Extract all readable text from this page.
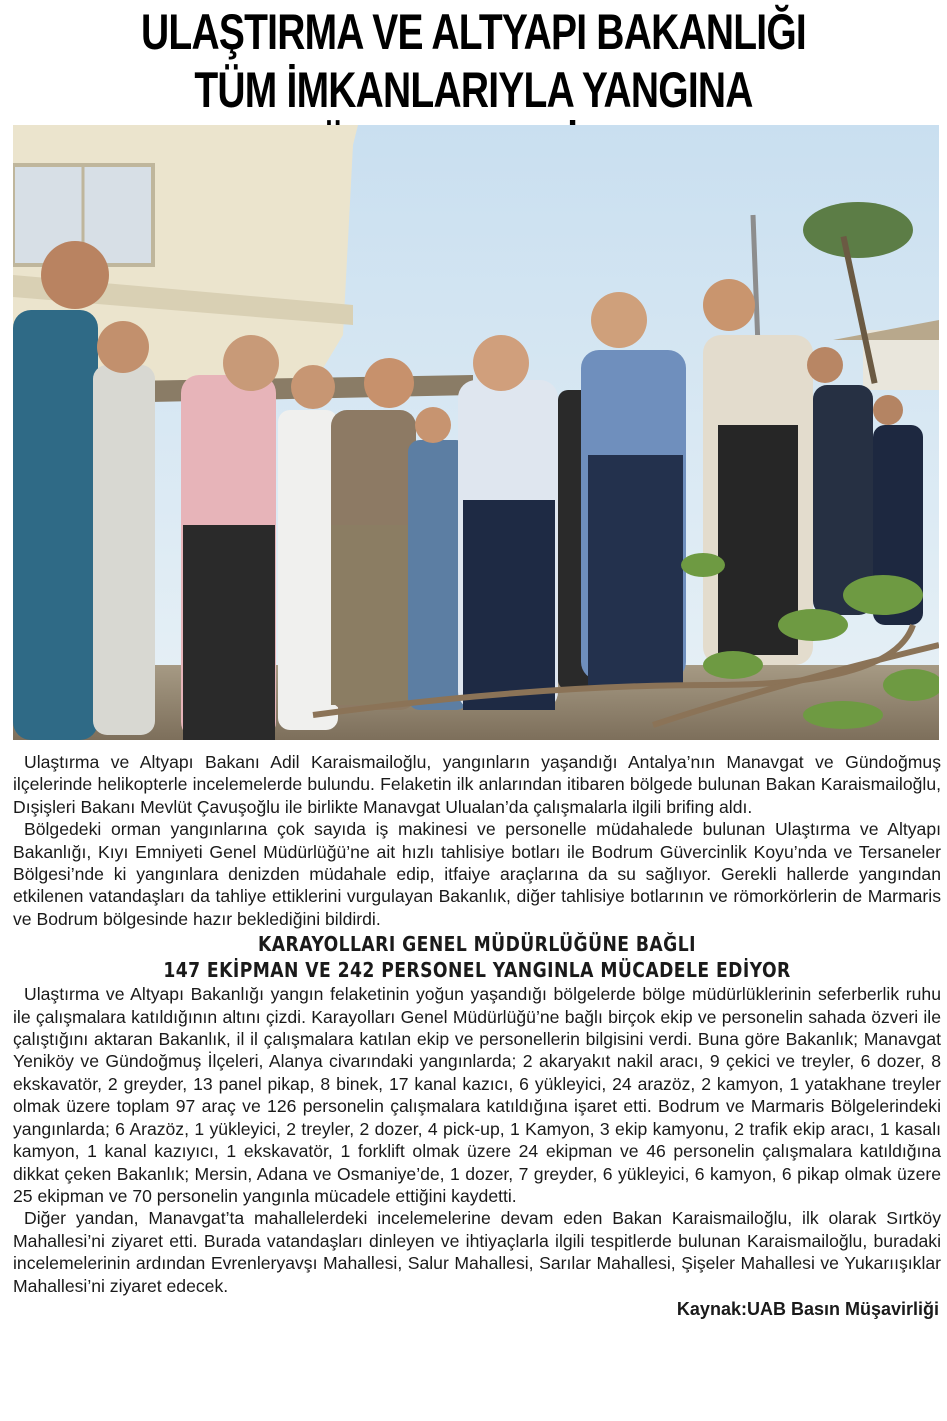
ULAŞTIRMA VE ALTYAPI BAKANLIĞI
TÜM İMKANLARIYLA YANGINA

Ulaştırma ve Altyapı Bakanı Adil Karaismailoğlu, yangınların yaşandığı Antalya’nın Manavgat ve Gündoğmuş ilçelerinde helikopterle incelemelerde bulundu. Felaketin ilk anlarından itibaren bölgede bulunan Bakan Karaismailoğlu, Dışişleri Bakanı Mevlüt Çavuşoğlu ile birlikte Manavgat Ulualan’da çalışmalarla ilgili brifing aldı.

Bölgedeki orman yangınlarına çok sayıda iş makinesi ve personelle müdahalede bulunan Ulaştırma ve Altyapı Bakanlığı, Kıyı Emniyeti Genel Müdürlüğü’ne ait hızlı tahlisiye botları ile Bodrum Güvercinlik Koyu’nda ve Tersaneler Bölgesi’nde ki yangınlara denizden müdahale edip, itfaiye araçlarına da su sağlıyor. Gerekli hallerde yangından etkilenen vatandaşları da tahliye ettiklerini vurgulayan Bakanlık, diğer tahlisiye botlarının ve römorkörlerin de Marmaris ve Bodrum bölgesinde hazır beklediğini bildirdi.

KARAYOLLARI GENEL MÜDÜRLÜĞÜNE BAĞLI
147 EKİPMAN VE 242 PERSONEL YANGINLA MÜCADELE EDİYOR

Ulaştırma ve Altyapı Bakanlığı yangın felaketinin yoğun yaşandığı bölgelerde bölge müdürlüklerinin seferberlik ruhu ile çalışmalara katıldığının altını çizdi. Karayolları Genel Müdürlüğü’ne bağlı birçok ekip ve personelin sahada özveri ile çalıştığını aktaran Bakanlık, il il çalışmalara katılan ekip ve personellerin bilgisini verdi. Buna göre Bakanlık; Manavgat Yeniköy ve Gündoğmuş İlçeleri, Alanya civarındaki yangınlarda; 2 akaryakıt nakil aracı, 9 çekici ve treyler, 6 dozer, 8 ekskavatör, 2 greyder, 13 panel pikap, 8 binek, 17 kanal kazıcı, 6 yükleyici, 24 arazöz, 2 kamyon, 1 yatakhane treyler olmak üzere toplam 97 araç ve 126 personelin çalışmalara katıldığına işaret etti. Bodrum ve Marmaris Bölgelerindeki yangınlarda; 6 Arazöz, 1 yükleyici, 2 treyler, 2 dozer, 4 pick-up, 1 Kamyon, 3 ekip kamyonu, 2 trafik ekip aracı, 1 kasalı kamyon, 1 kanal kazıyıcı, 1 ekskavatör, 1 forklift olmak üzere 24 ekipman ve 46 personelin çalışmalara katıldığına dikkat çeken Bakanlık; Mersin, Adana ve Osmaniye’de, 1 dozer, 7 greyder, 6 yükleyici, 6 kamyon, 6 pikap olmak üzere 25 ekipman ve 70 personelin yangınla mücadele ettiğini kaydetti.

Diğer yandan, Manavgat’ta mahallelerdeki incelemelerine devam eden Bakan Karaismailoğlu, ilk olarak Sırtköy Mahallesi’ni ziyaret etti. Burada vatandaşları dinleyen ve ihtiyaçlarla ilgili tespitlerde bulunan Karaismailoğlu, buradaki incelemelerinin ardından Evrenleryavşı Mahallesi, Salur Mahallesi, Sarılar Mahallesi, Şişeler Mahallesi ve Yukarıışıklar Mahallesi’ni ziyaret edecek.

Kaynak:UAB Basın Müşavirliği
